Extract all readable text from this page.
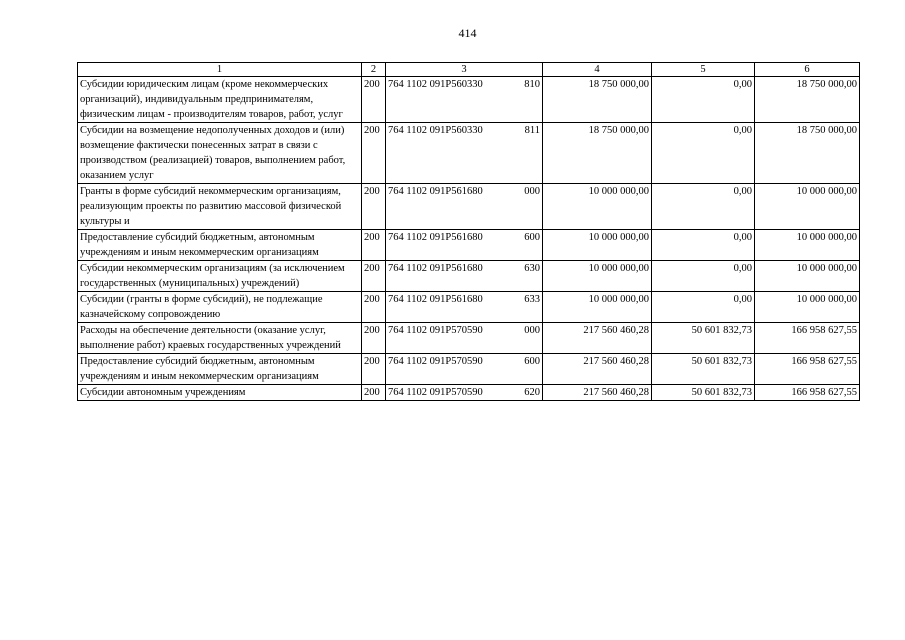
414
1	2	3	4	5	6
Субсидии юридическим лицам (кроме некоммерческих организаций), индивидуальным предпринимателям, физическим лицам - производителям товаров, работ, услуг	200	764 1102 091P560330 810	18 750 000,00	0,00	18 750 000,00
Субсидии на возмещение недополученных доходов и (или) возмещение фактически понесенных затрат в связи с производством (реализацией) товаров, выполнением работ, оказанием услуг	200	764 1102 091P560330 811	18 750 000,00	0,00	18 750 000,00

Гранты в форме субсидий некоммерческим организациям, реализующим проекты по развитию массовой физической культуры и	200	764 1102 091P561680 000	10 000 000,00	0,00	10 000 000,00
Предоставление субсидий бюджетным, автономным учреждениям и иным некоммерческим организациям	200	764 1102 091P561680 600	10 000 000,00	0,00	10 000 000,00
Субсидии некоммерческим организациям (за исключением государственных (муниципальных) учреждений)	200	764 1102 091P561680 630	10 000 000,00	0,00	10 000 000,00
Субсидии (гранты в форме субсидий), не подлежащие казначейскому сопровождению	200	764 1102 091P561680 633	10 000 000,00	0,00	10 000 000,00
Расходы на обеспечение деятельности (оказание услуг, выполнение работ) краевых государственных учреждений	200	764 1102 091P570590 000	217 560 460,28	50 601 832,73	166 958 627,55
Предоставление субсидий бюджетным, автономным учреждениям и иным некоммерческим организациям	200	764 1102 091P570590 600	217 560 460,28	50 601 832,73	166 958 627,55
Субсидии автономным учреждениям	200	764 1102 091P570590 620	217 560 460,28	50 601 832,73	166 958 627,55
